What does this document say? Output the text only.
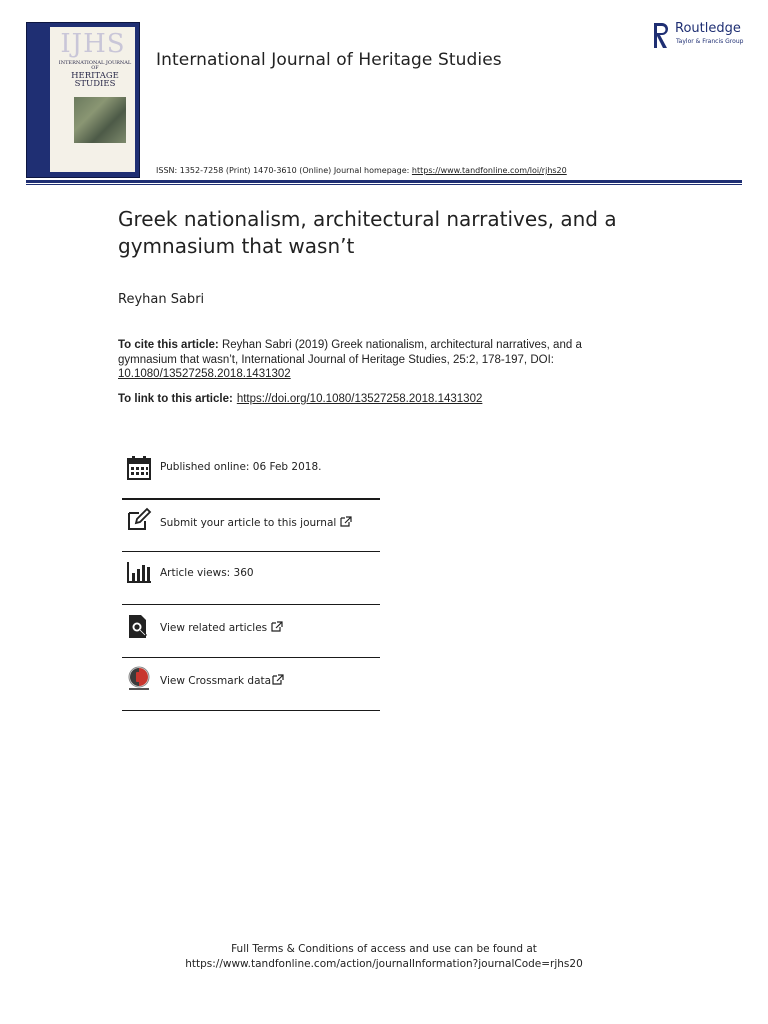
IJHS
INTERNATIONAL JOURNAL OF
HERITAGE
STUDIES
International Journal of Heritage Studies
ISSN: 1352-7258 (Print) 1470-3610 (Online) Journal homepage: https://www.tandfonline.com/loi/rjhs20
Routledge
Taylor & Francis Group
Greek nationalism, architectural narratives, and a gymnasium that wasn’t
Reyhan Sabri
To cite this article: Reyhan Sabri (2019) Greek nationalism, architectural narratives, and a gymnasium that wasn’t, International Journal of Heritage Studies, 25:2, 178-197, DOI: 10.1080/13527258.2018.1431302
To link to this article: https://doi.org/10.1080/13527258.2018.1431302
Published online: 06 Feb 2018.
Submit your article to this journal
Article views: 360
View related articles
View Crossmark data
Full Terms & Conditions of access and use can be found at
https://www.tandfonline.com/action/journalInformation?journalCode=rjhs20
